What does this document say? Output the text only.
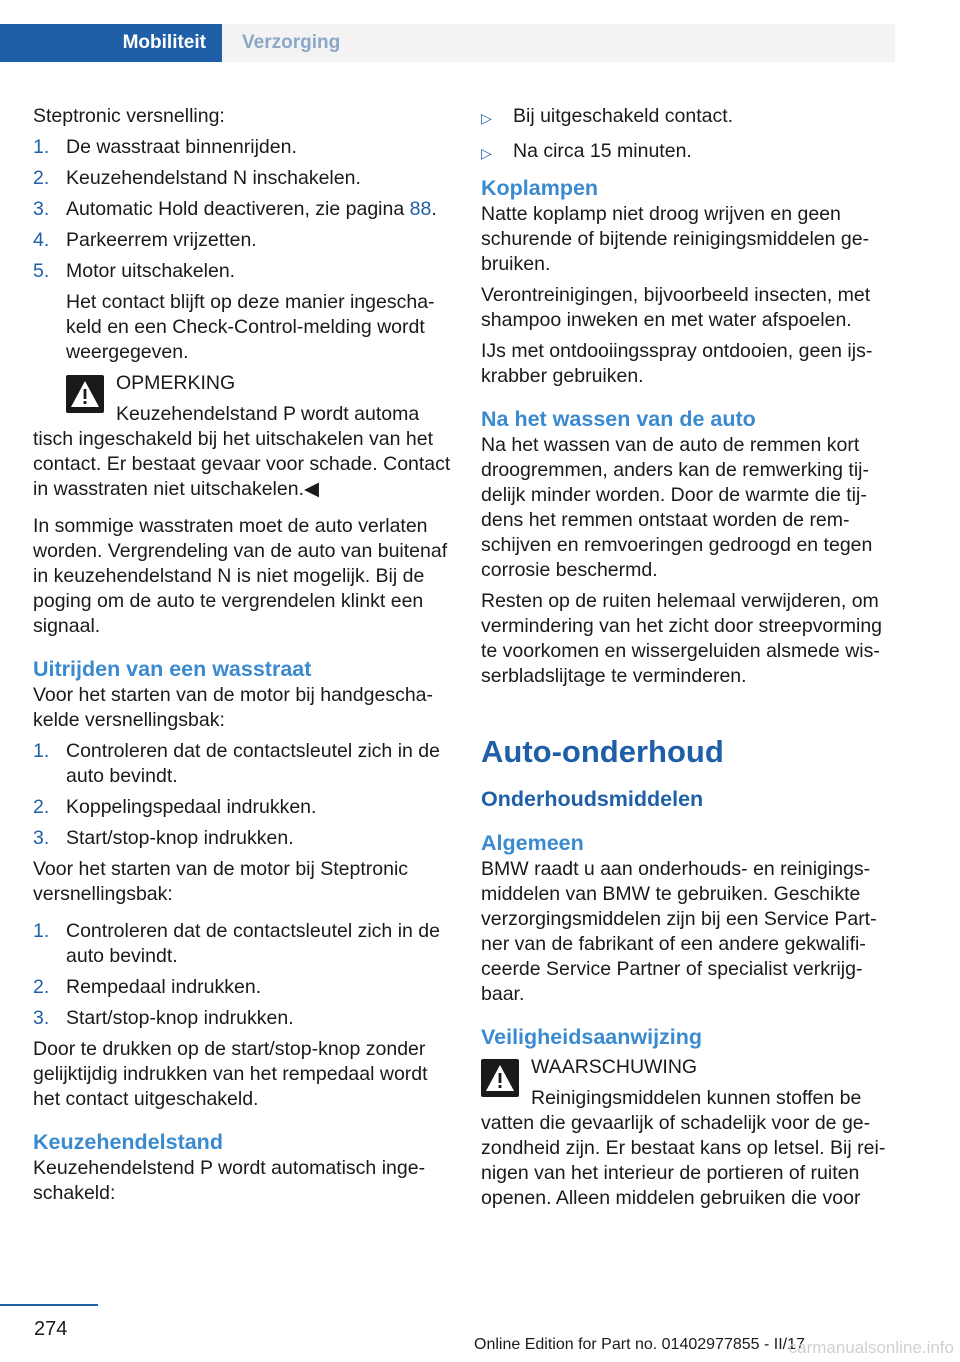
Mobiliteit	Verzorging

Steptronic versnelling:

1. De wasstraat binnenrijden.
2. Keuzehendelstand N inschakelen.
3. Automatic Hold deactiveren, zie pagina 88.
4. Parkeerrem vrijzetten.
5. Motor uitschakelen.

Het contact blijft op deze manier ingeschakeld en een Check-Control-melding wordt weergegeven.

OPMERKING

Keuzehendelstand P wordt automa

tisch ingeschakeld bij het uitschakelen van het contact. Er bestaat gevaar voor schade. Contact in wasstraten niet uitschakelen.◀

In sommige wasstraten moet de auto verlaten worden. Vergrendeling van de auto van buitenaf in keuzehendelstand N is niet mogelijk. Bij de poging om de auto te vergrendelen klinkt een signaal.

Uitrijden van een wasstraat

Voor het starten van de motor bij handgeschakelde versnellingsbak:

1. Controleren dat de contactsleutel zich in de auto bevindt.
2. Koppelingspedaal indrukken.
3. Start/stop-knop indrukken.

Voor het starten van de motor bij Steptronic versnellingsbak:

1. Controleren dat de contactsleutel zich in de auto bevindt.
2. Rempedaal indrukken.
3. Start/stop-knop indrukken.

Door te drukken op de start/stop-knop zonder gelijktijdig indrukken van het rempedaal wordt het contact uitgeschakeld.

Keuzehendelstand

Keuzehendelstend P wordt automatisch ingeschakeld:

▷	Bij uitgeschakeld contact.
▷	Na circa 15 minuten.
Koplampen

Natte koplamp niet droog wrijven en geen schurende of bijtende reinigingsmiddelen gebruiken.

Verontreinigingen, bijvoorbeeld insecten, met shampoo inweken en met water afspoelen.

IJs met ontdooiingsspray ontdooien, geen ijskrabber gebruiken.

Na het wassen van de auto

Na het wassen van de auto de remmen kort droogremmen, anders kan de remwerking tijdelijk minder worden. Door de warmte die tijdens het remmen ontstaat worden de remschijven en remvoeringen gedroogd en tegen corrosie beschermd.

Resten op de ruiten helemaal verwijderen, om vermindering van het zicht door streepvorming te voorkomen en wissergeluiden alsmede wisserbladslijtage te verminderen.

Auto-onderhoud
Onderhoudsmiddelen
Algemeen

BMW raadt u aan onderhouds- en reinigingsmiddelen van BMW te gebruiken. Geschikte verzorgingsmiddelen zijn bij een Service Partner van de fabrikant of een andere gekwalificeerde Service Partner of specialist verkrijgbaar.

Veiligheidsaanwijzing

WAARSCHUWING

Reinigingsmiddelen kunnen stoffen be

vatten die gevaarlijk of schadelijk voor de gezondheid zijn. Er bestaat kans op letsel. Bij reinigen van het interieur de portieren of ruiten openen. Alleen middelen gebruiken die voor

274
Online Edition for Part no. 01402977855 - II/17
carmanualsonline.info
